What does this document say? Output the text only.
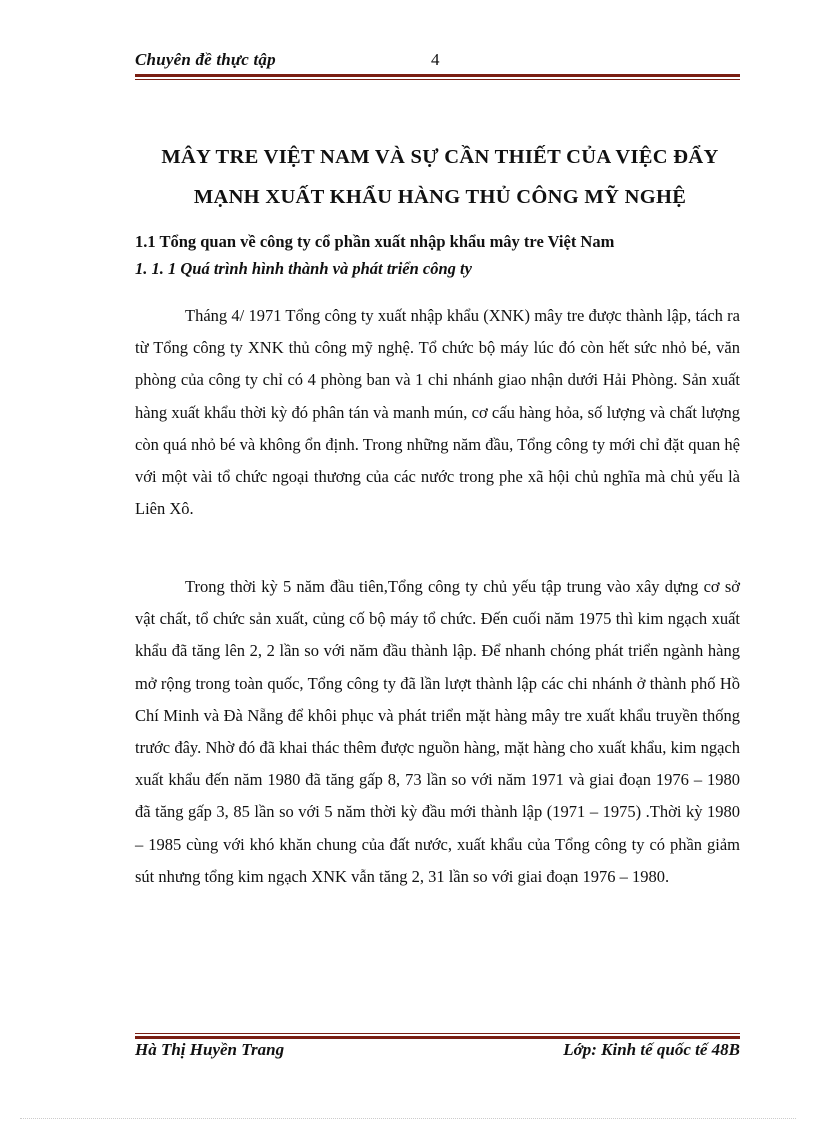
Chuyên đề thực tập	4
MÂY TRE VIỆT NAM VÀ SỰ CẦN THIẾT CỦA VIỆC ĐẨY
MẠNH XUẤT KHẨU HÀNG THỦ CÔNG MỸ NGHỆ
1.1 Tổng quan về công ty cổ phần xuất nhập khẩu mây tre Việt Nam
1. 1. 1 Quá trình hình thành và phát triển công ty

Tháng 4/ 1971 Tổng công ty xuất nhập khẩu (XNK) mây tre được thành lập, tách ra từ Tổng công ty XNK thủ công mỹ nghệ. Tổ chức bộ máy lúc đó còn hết sức nhỏ bé, văn phòng của công ty chỉ có 4 phòng ban và 1 chi nhánh giao nhận dưới Hải Phòng. Sản xuất hàng xuất khẩu thời kỳ đó phân tán và manh mún, cơ cấu hàng hỏa, số lượng và chất lượng còn quá nhỏ bé và không ổn định. Trong những năm đầu, Tổng công ty mới chỉ đặt quan hệ với một vài tổ chức ngoại thương của các nước trong phe xã hội chủ nghĩa mà chủ yếu là Liên Xô.

Trong thời kỳ 5 năm đầu tiên,Tổng công ty chủ yếu tập trung vào xây dựng cơ sở vật chất, tổ chức sản xuất, củng cố bộ máy tổ chức. Đến cuối năm 1975 thì kim ngạch xuất khẩu đã tăng lên 2, 2 lần so với năm đầu thành lập. Để nhanh chóng phát triển ngành hàng mở rộng trong toàn quốc, Tổng công ty đã lần lượt thành lập các chi nhánh ở thành phố Hồ Chí Minh và Đà Nẵng để khôi phục và phát triển mặt hàng mây tre xuất khẩu truyền thống trước đây. Nhờ đó đã khai thác thêm được nguồn hàng, mặt hàng cho xuất khẩu, kim ngạch xuất khẩu đến năm 1980 đã tăng gấp 8, 73 lần so với năm 1971 và giai đoạn 1976 – 1980 đã tăng gấp 3, 85 lần so với 5 năm thời kỳ đầu mới thành lập (1971 – 1975) .Thời kỳ 1980 – 1985 cùng với khó khăn chung của đất nước, xuất khẩu của Tổng công ty có phần giảm sút nhưng tổng kim ngạch XNK vẫn tăng 2, 31 lần so với giai đoạn 1976 – 1980.

Hà Thị Huyền Trang	Lớp: Kinh tế quốc tế 48B
